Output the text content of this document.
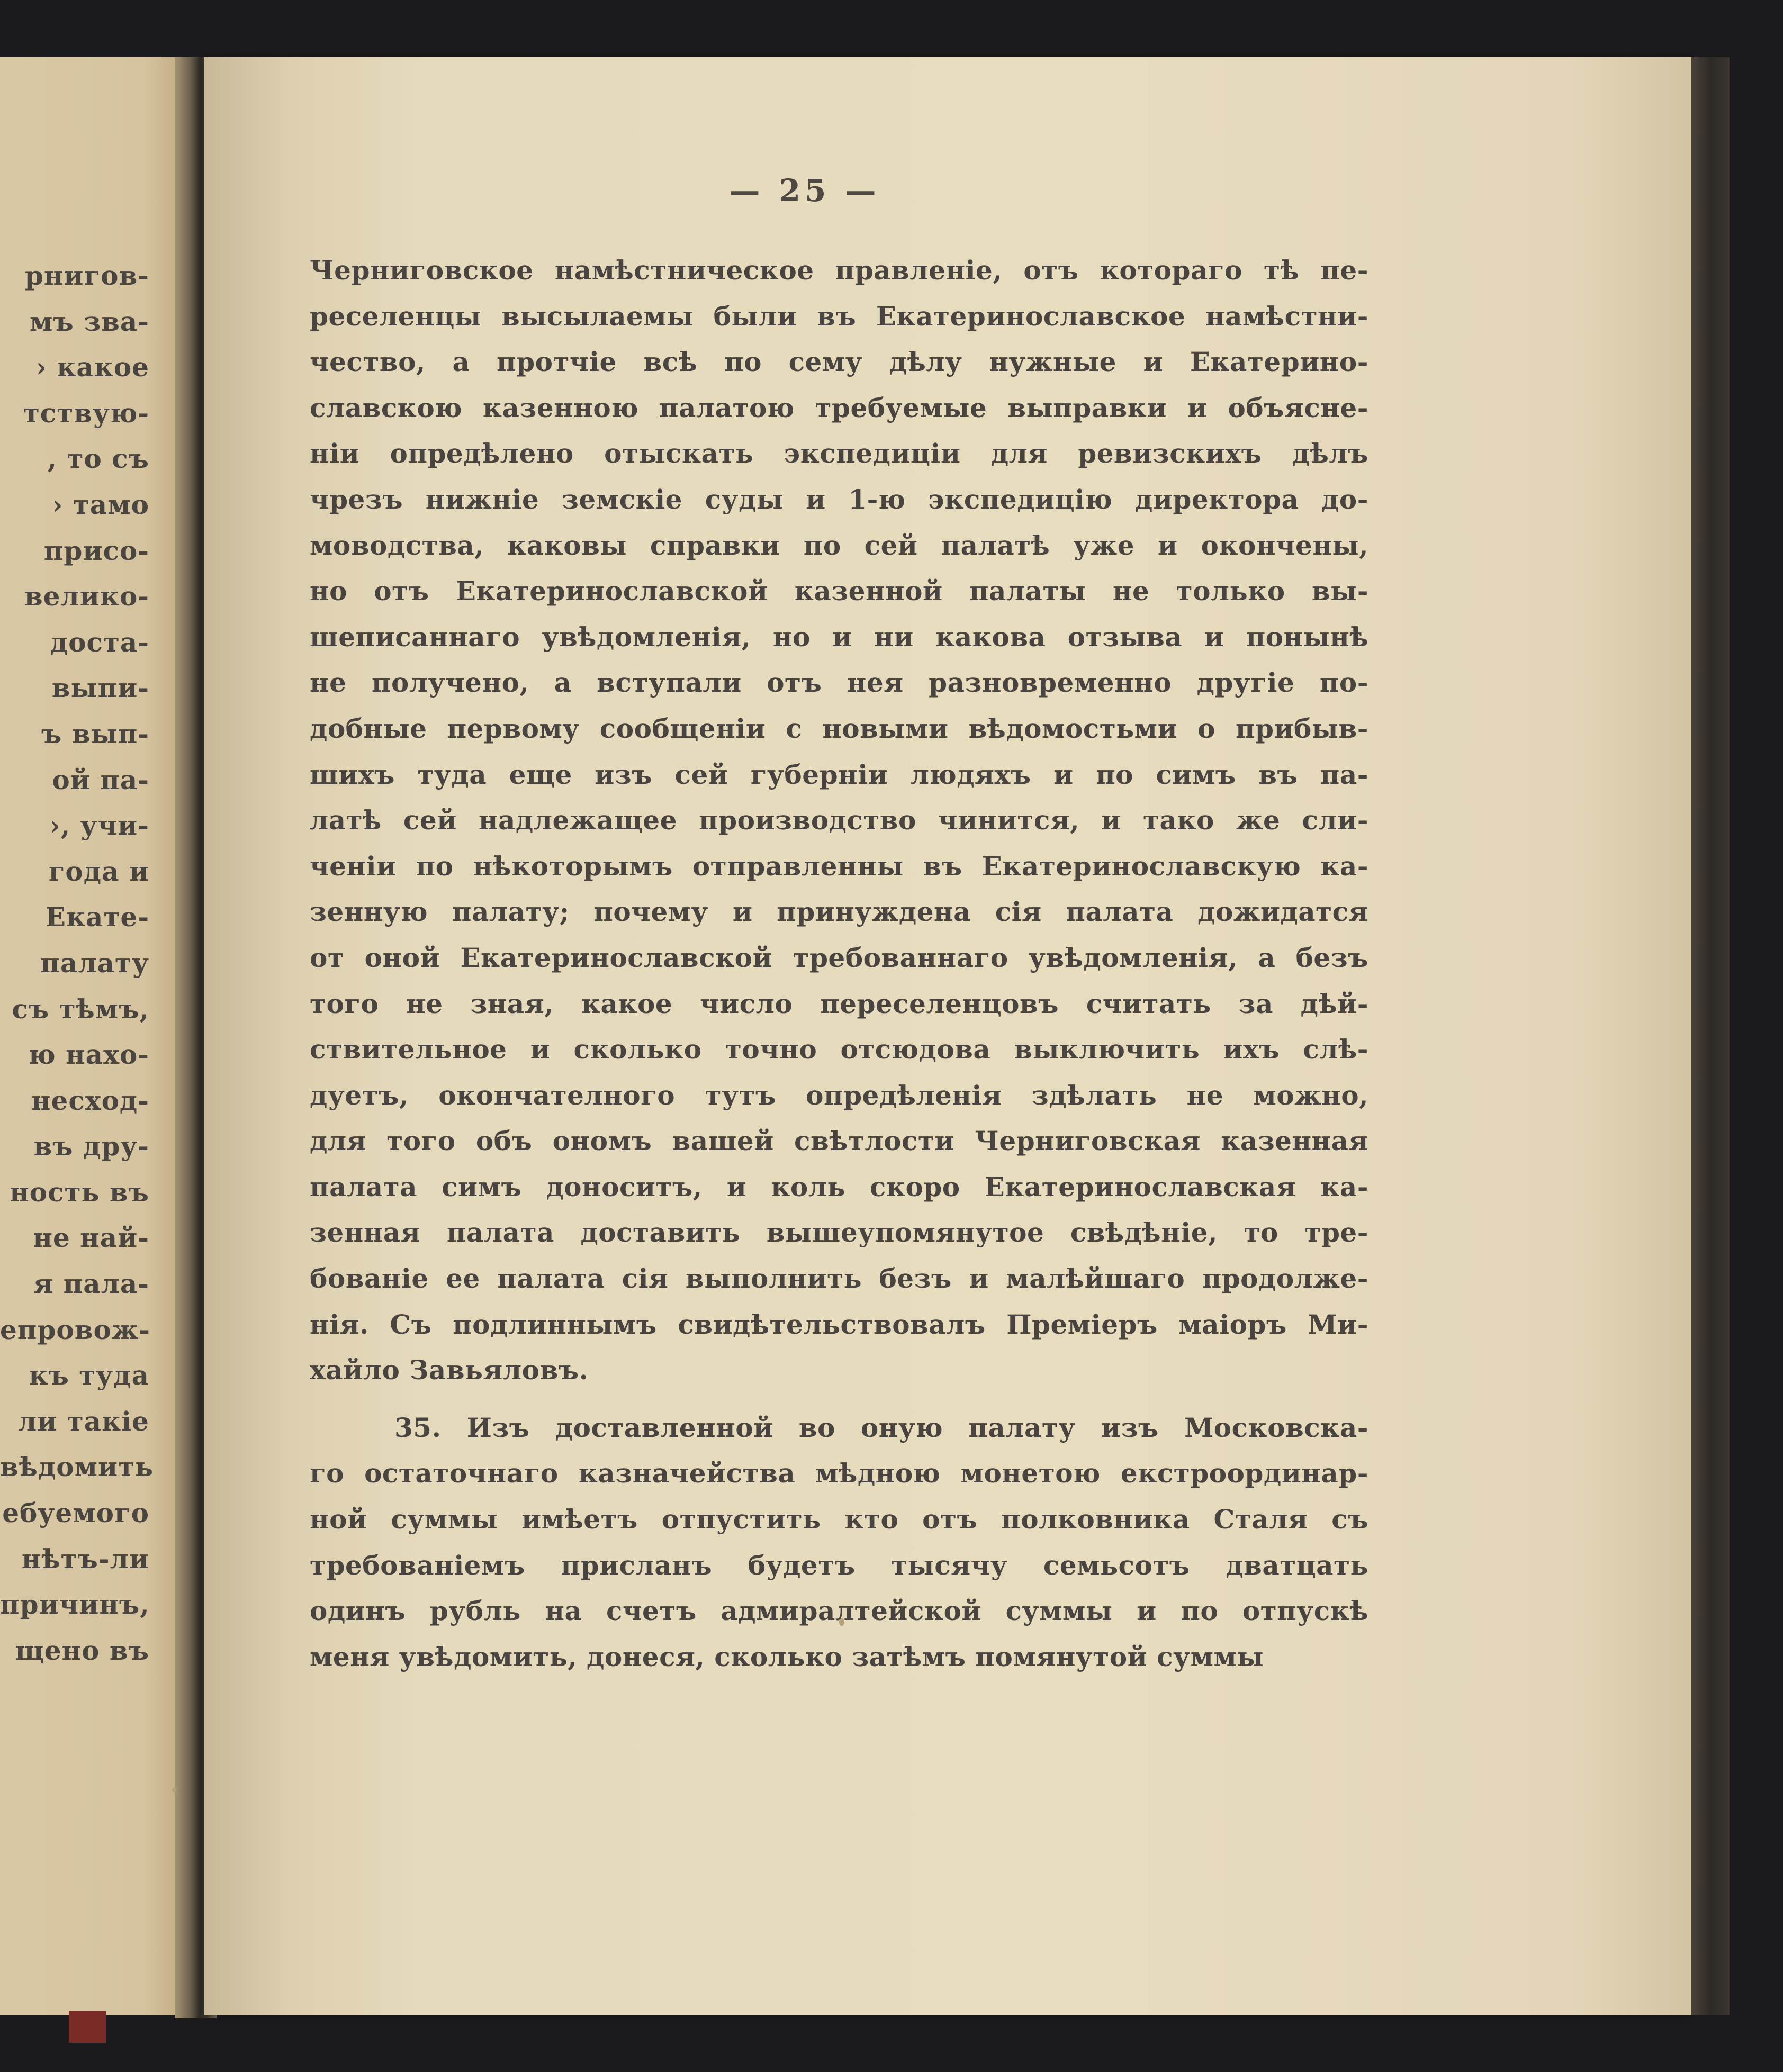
рнигов-
мъ зва-
› какое
тствую-
, то съ
› тамо
присо-
велико-
доста-
выпи-
ъ вып-
ой па-
›, учи-
года и
Екате-
палату
съ тѣмъ,
ю нахо-
несход-
въ дру-
ность въ
не най-
я пала-
епровож-
къ туда
ли такіе
вѣдомить
ебуемого
нѣтъ-ли
причинъ,
щено въ

— 25 —

Черниговское намѣстническое правленіе, отъ котораго тѣ пе-
реселенцы высылаемы были въ Екатеринославское намѣстни-
чество, а протчіе всѣ по сему дѣлу нужные и Екатерино-
славскою казенною палатою требуемые выправки и объясне-
ніи опредѣлено отыскать экспедиціи для ревизскихъ дѣлъ
чрезъ нижніе земскіе суды и 1-ю экспедицію директора до-
моводства, каковы справки по сей палатѣ уже и окончены,
но отъ Екатеринославской казенной палаты не только вы-
шеписаннаго увѣдомленія, но и ни какова отзыва и понынѣ
не получено, а вступали отъ нея разновременно другіе по-
добные первому сообщеніи с новыми вѣдомостьми о прибыв-
шихъ туда еще изъ сей губерніи людяхъ и по симъ въ па-
латѣ сей надлежащее производство чинится, и тако же сли-
ченіи по нѣкоторымъ отправленны въ Екатеринославскую ка-
зенную палату; почему и принуждена сія палата дожидатся
от оной Екатеринославской требованнаго увѣдомленія, а безъ
того не зная, какое число переселенцовъ считать за дѣй-
ствительное и сколько точно отсюдова выключить ихъ слѣ-
дуетъ, окончателного тутъ опредѣленія здѣлать не можно,
для того объ ономъ вашей свѣтлости Черниговская казенная
палата симъ доноситъ, и коль скоро Екатеринославская ка-
зенная палата доставить вышеупомянутое свѣдѣніе, то тре-
бованіе ее палата сія выполнить безъ и малѣйшаго продолже-
нія. Съ подлиннымъ свидѣтельствовалъ Преміеръ маіоръ Ми-
хайло Завьяловъ.
35. Изъ доставленной во оную палату изъ Московска-
го остаточнаго казначейства мѣдною монетою екстроординар-
ной суммы имѣетъ отпустить кто отъ полковника Сталя съ
требованіемъ присланъ будетъ тысячу семьсотъ дватцать
одинъ рубль на счетъ адмиралтейской суммы и по отпускѣ
меня увѣдомить, донеся, сколько затѣмъ помянутой суммы
